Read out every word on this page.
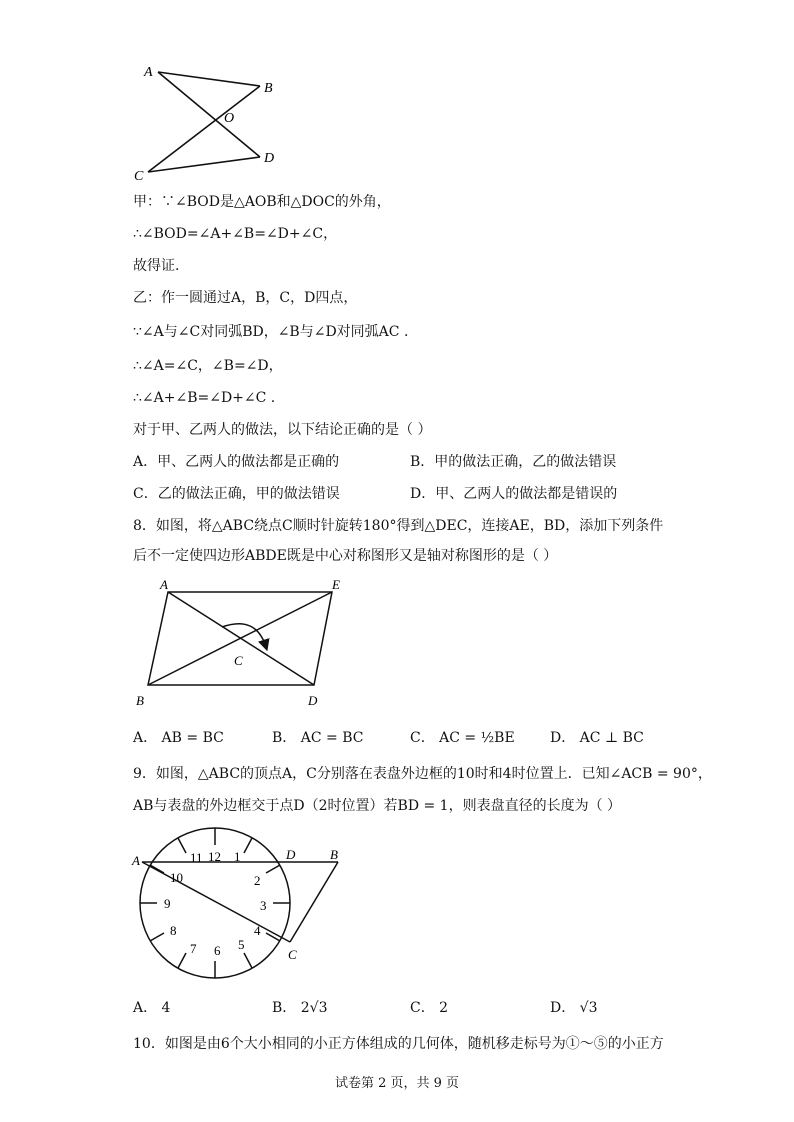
A
B
O
C
D
甲：∵∠BOD是△AOB和△DOC的外角，
∴∠BOD=∠A+∠B=∠D+∠C，
故得证.
乙：作一圆通过A，B，C，D四点，
∵∠A与∠C对同弧BD，∠B与∠D对同弧AC .
∴∠A=∠C，∠B=∠D，
∴∠A+∠B=∠D+∠C .
对于甲、乙两人的做法，以下结论正确的是（ ）
A．甲、乙两人的做法都是正确的	B．甲的做法正确，乙的做法错误
C．乙的做法正确，甲的做法错误	D．甲、乙两人的做法都是错误的
8．如图，将△ABC绕点C顺时针旋转180°得到△DEC，连接AE，BD，添加下列条件
后不一定使四边形ABDE既是中心对称图形又是轴对称图形的是（ ）
A	E
C
B	D
A． AB = BC	B． AC = BC	C． AC = ½BE	D． AC ⊥ BC
9．如图，△ABC的顶点A，C分别落在表盘外边框的10时和4时位置上．已知∠ACB = 90°，
AB与表盘的外边框交于点D（2时位置）若BD = 1，则表盘直径的长度为（ ）
11 12 1
2
3
4
5
6
7
8
9
10
A	D	B
C
A． 4	B． 2√3	C． 2	D． √3
10．如图是由6个大小相同的小正方体组成的几何体，随机移走标号为①～⑤的小正方
试卷第 2 页，共 9 页
